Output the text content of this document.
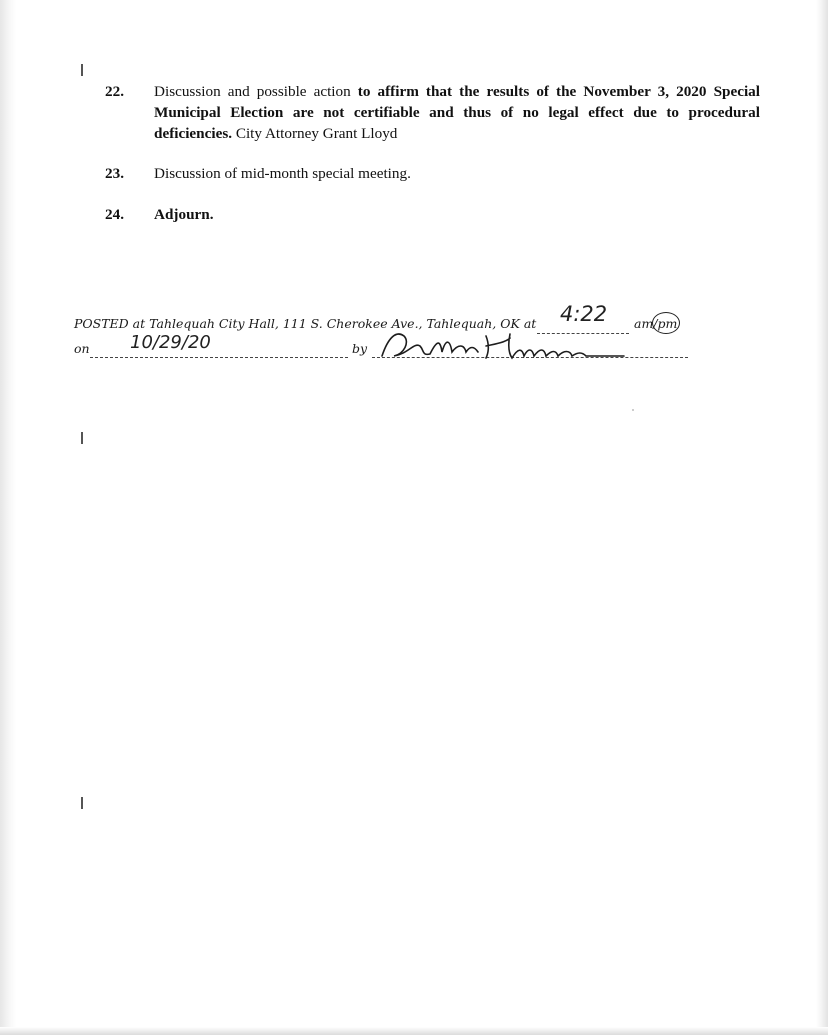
22. Discussion and possible action to affirm that the results of the November 3, 2020 Special Municipal Election are not certifiable and thus of no legal effect due to procedural deficiencies. City Attorney Grant Lloyd
23. Discussion of mid-month special meeting.
24. Adjourn.
POSTED at Tahlequah City Hall, 111 S. Cherokee Ave., Tahlequah, OK at 4:22 am/pm
on 10/29/20	by
